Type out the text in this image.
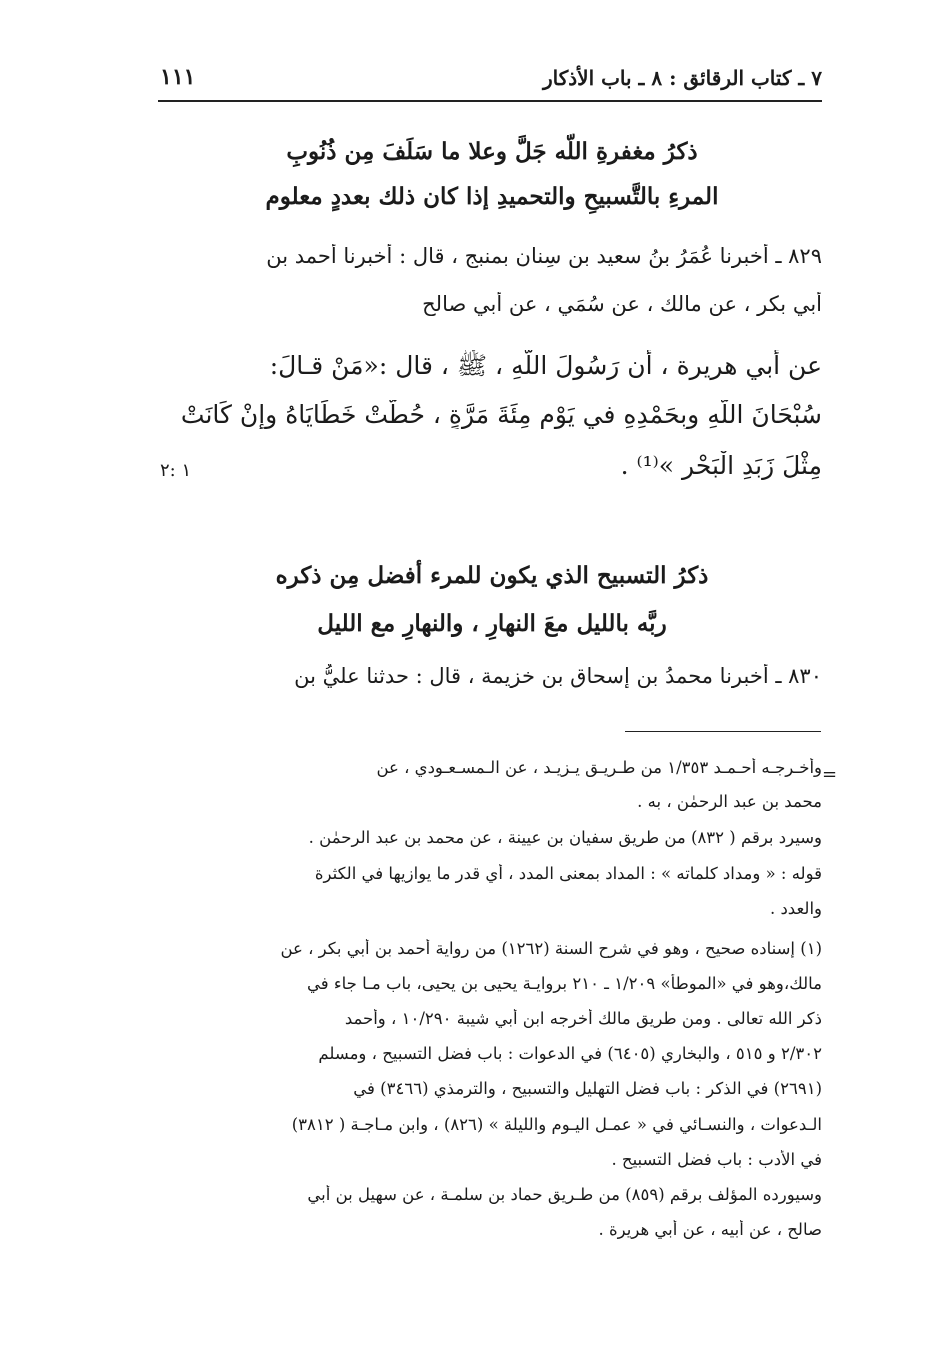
٧ ـ كتاب الرقائق : ٨ ـ باب الأذكار
١١١
ذكرُ مغفرةِ اللّه جَلَّ وعلا ما سَلَفَ مِن ذُنُوبِ
المرءِ بالتَّسبيحِ والتحميدِ إذا كان ذلك بعددٍ معلوم
٨٢٩ ـ أخبرنا عُمَرُ بنُ سعيد بن سِنان بمنبج ، قال : أخبرنا أحمد بن
أبي بكر ، عن مالك ، عن سُمَي ، عن أبي صالح
عن أبي هريرة ، أن رَسُولَ اللّهِ ، ﷺ ، قال :«مَنْ قـالَ:
سُبْحَانَ اللّهِ وبِحَمْدِهِ في يَوْمٍ مِئَةَ مَرَّةٍ ، حُطَّتْ خَطَايَاهُ وإنْ كَانَتْ
مِثْلَ زَبَدِ الْبَحْرِ »⁽¹⁾ .
١ :٢
ذكرُ التسبيح الذي يكون للمرء أفضل مِن ذكره
ربَّه بالليل معَ النهارِ ، والنهارِ مع الليل
٨٣٠ ـ أخبرنا محمدُ بن إسحاق بن خزيمة ، قال : حدثنا عليُّ بن
=
وأخـرجـه أحـمـد ١/٣٥٣ من طـريـق يـزيـد ، عن الـمسـعـودي ، عن
محمد بن عبد الرحمٰن ، به .
وسيرد برقم ( ٨٣٢) من طريق سفيان بن عيينة ، عن محمد بن عبد الرحمٰن .
قوله : « ومداد كلماته » : المداد بمعنى المدد ، أي قدر ما يوازيها في الكثرة
والعدد .
(١) إسناده صحيح ، وهو في شرح السنة (١٢٦٢) من رواية أحمد بن أبي بكر ، عن
مالك،وهو في «الموطأ» ١/٢٠٩ ـ ٢١٠ بروايـة يحيى بن يحيى، باب مـا جاء في
ذكر الله تعالى . ومن طريق مالك أخرجه ابن أبي شيبة ١٠/٢٩٠ ، وأحمد
٢/٣٠٢ و ٥١٥ ، والبخاري (٦٤٠٥) في الدعوات : باب فضل التسبيح ، ومسلم
(٢٦٩١) في الذكر : باب فضل التهليل والتسبيح ، والترمذي (٣٤٦٦) في
الـدعوات ، والنسـائي في « عمـل اليـوم والليلة » (٨٢٦) ، وابن مـاجـة ( ٣٨١٢)
في الأدب : باب فضل التسبيح .
وسيورده المؤلف برقم (٨٥٩) من طـريق حماد بن سلمـة ، عن سهيل بن أبي
صالح ، عن أبيه ، عن أبي هريرة .
